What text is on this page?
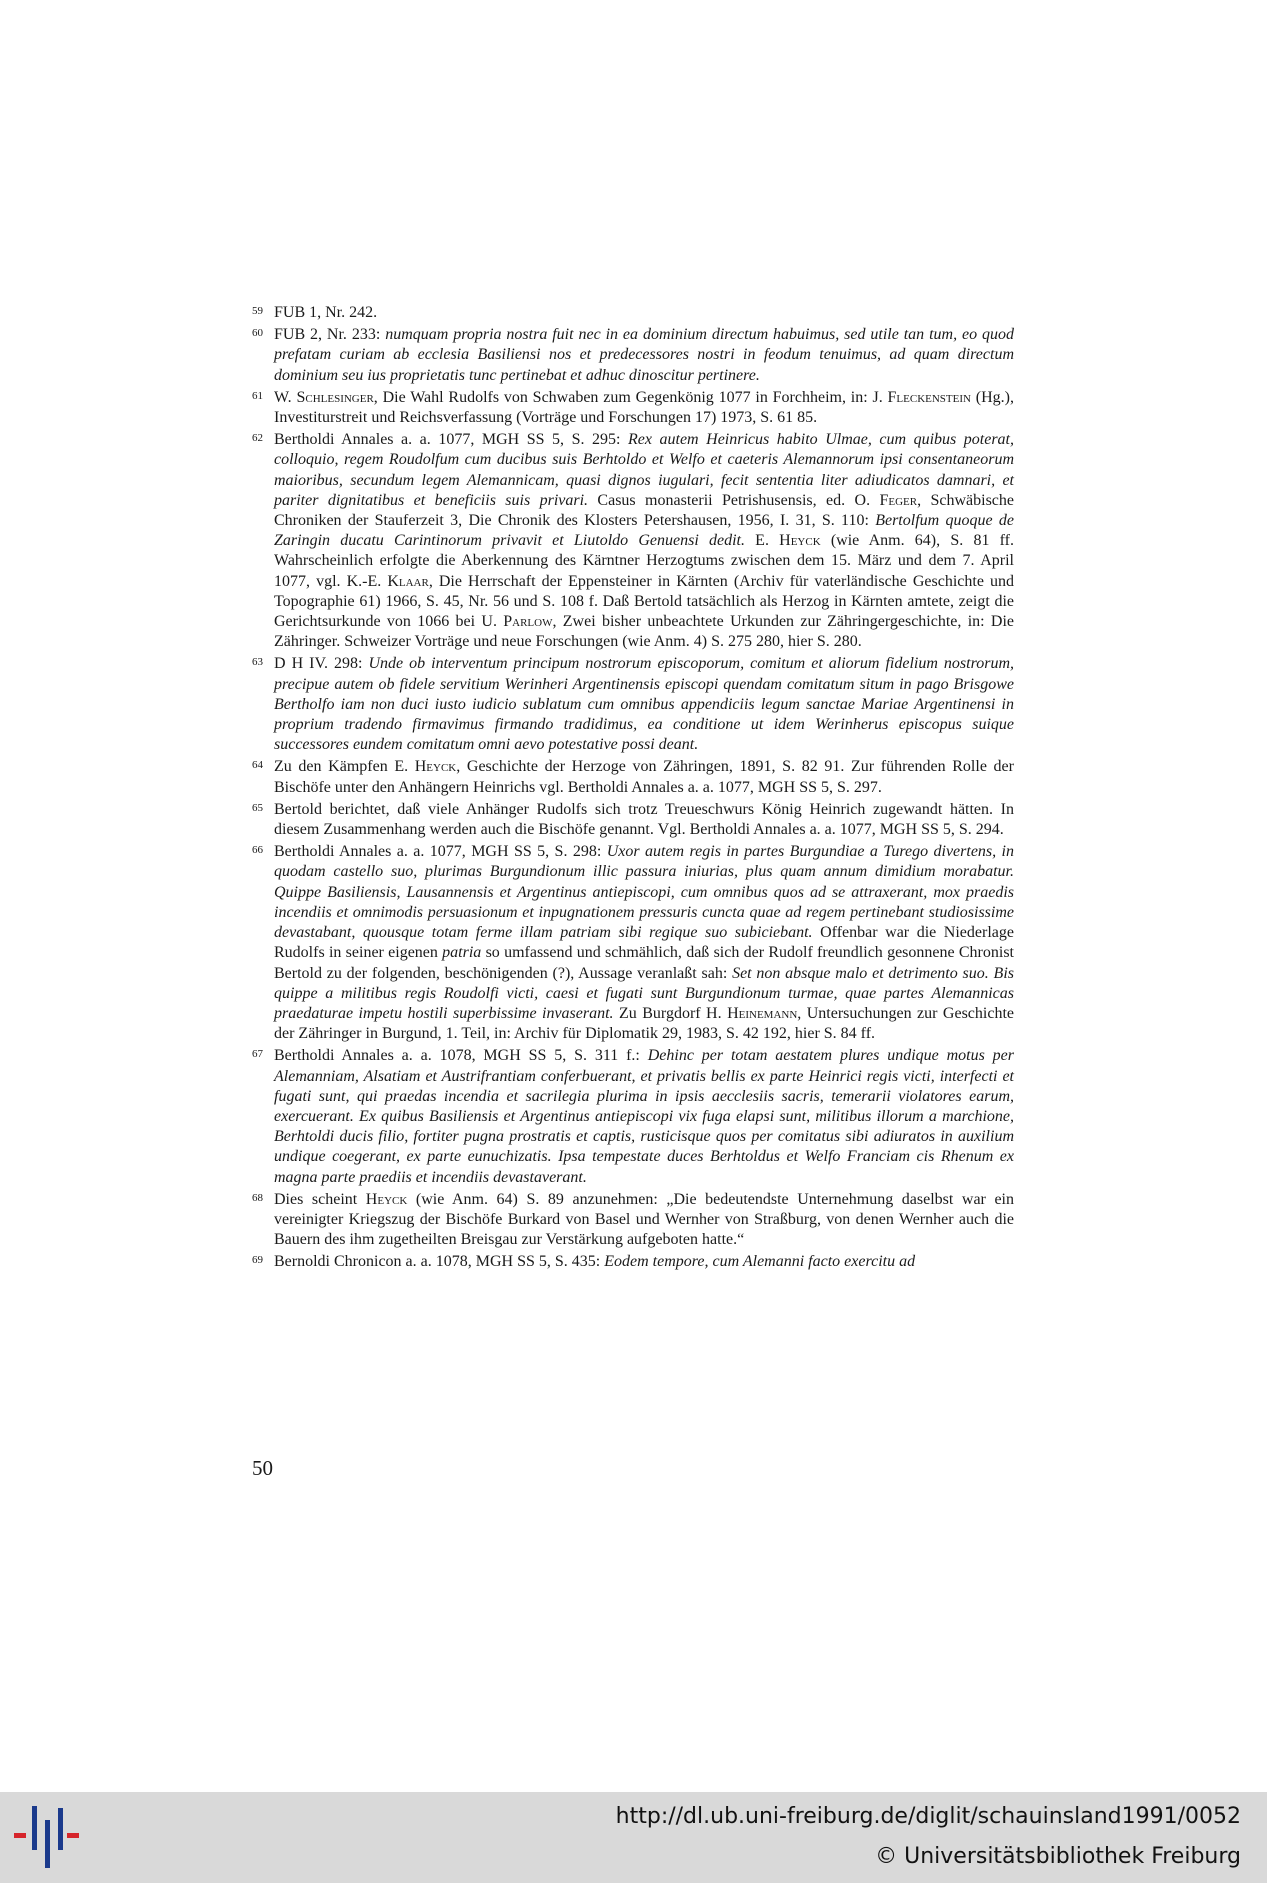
59 FUB 1, Nr. 242.
60 FUB 2, Nr. 233: numquam propria nostra fuit nec in ea dominium directum habuimus, sed utile tan tum, eo quod prefatam curiam ab ecclesia Basiliensi nos et predecessores nostri in feodum tenuimus, ad quam directum dominium seu ius proprietatis tunc pertinebat et adhuc dinoscitur pertinere.
61 W. Schlesinger, Die Wahl Rudolfs von Schwaben zum Gegenkönig 1077 in Forchheim, in: J. Fleckenstein (Hg.), Investiturstreit und Reichsverfassung (Vorträge und Forschungen 17) 1973, S. 61 85.
62 Bertholdi Annales a. a. 1077, MGH SS 5, S. 295: Rex autem Heinricus habito Ulmae, cum quibus poterat, colloquio, regem Roudolfum cum ducibus suis Berhtoldo et Welfo et caeteris Alemannorum ipsi consentaneorum maioribus, secundum legem Alemannicam, quasi dignos iugulari, fecit sententia liter adiudicatos damnari, et pariter dignitatibus et beneficiis suis privari. Casus monasterii Petrishusensis, ed. O. Feger, Schwäbische Chroniken der Stauferzeit 3, Die Chronik des Klosters Petershausen, 1956, I. 31, S. 110: Bertolfum quoque de Zaringin ducatu Carintinorum privavit et Liutoldo Genuensi dedit. E. Heyck (wie Anm. 64), S. 81 ff. Wahrscheinlich erfolgte die Aberkennung des Kärntner Herzogtums zwischen dem 15. März und dem 7. April 1077, vgl. K.-E. Klaar, Die Herrschaft der Eppensteiner in Kärnten (Archiv für vaterländische Geschichte und Topographie 61) 1966, S. 45, Nr. 56 und S. 108 f. Daß Bertold tatsächlich als Herzog in Kärnten amtete, zeigt die Gerichtsurkunde von 1066 bei U. Parlow, Zwei bisher unbeachtete Urkunden zur Zähringergeschichte, in: Die Zähringer. Schweizer Vorträge und neue Forschungen (wie Anm. 4) S. 275 280, hier S. 280.
63 D H IV. 298: Unde ob interventum principum nostrorum episcoporum, comitum et aliorum fidelium nostrorum, precipue autem ob fidele servitium Werinheri Argentinensis episcopi quendam comitatum situm in pago Brisgowe Bertholfo iam non duci iusto iudicio sublatum cum omnibus appendiciis legum sanctae Mariae Argentinensi in proprium tradendo firmavimus firmando tradidimus, ea conditione ut idem Werinherus episcopus suique successores eundem comitatum omni aevo potestative possi deant.
64 Zu den Kämpfen E. Heyck, Geschichte der Herzoge von Zähringen, 1891, S. 82 91. Zur führenden Rolle der Bischöfe unter den Anhängern Heinrichs vgl. Bertholdi Annales a. a. 1077, MGH SS 5, S. 297.
65 Bertold berichtet, daß viele Anhänger Rudolfs sich trotz Treueschwurs König Heinrich zugewandt hätten. In diesem Zusammenhang werden auch die Bischöfe genannt. Vgl. Bertholdi Annales a. a. 1077, MGH SS 5, S. 294.
66 Bertholdi Annales a. a. 1077, MGH SS 5, S. 298: Uxor autem regis in partes Burgundiae a Turego divertens, in quodam castello suo, plurimas Burgundionum illic passura iniurias, plus quam annum dimidium morabatur. Quippe Basiliensis, Lausannensis et Argentinus antiepiscopi, cum omnibus quos ad se attraxerant, mox praedis incendiis et omnimodis persuasionum et inpugnationem pressuris cuncta quae ad regem pertinebant studiosissime devastabant, quousque totam ferme illam patriam sibi regique suo subiciebant. Offenbar war die Niederlage Rudolfs in seiner eigenen patria so umfassend und schmählich, daß sich der Rudolf freundlich gesonnene Chronist Bertold zu der folgenden, beschönigenden (?), Aussage veranlaßt sah: Set non absque malo et detrimento suo. Bis quippe a militibus regis Roudolfi victi, caesi et fugati sunt Burgundionum turmae, quae partes Alemannicas praedaturae impetu hostili superbissime invaserant. Zu Burgdorf H. Heinemann, Untersuchungen zur Geschichte der Zähringer in Burgund, 1. Teil, in: Archiv für Diplomatik 29, 1983, S. 42 192, hier S. 84 ff.
67 Bertholdi Annales a. a. 1078, MGH SS 5, S. 311 f.: Dehinc per totam aestatem plures undique motus per Alemanniam, Alsatiam et Austrifrantiam conferbuerant, et privatis bellis ex parte Heinrici regis victi, interfecti et fugati sunt, qui praedas incendia et sacrilegia plurima in ipsis aecclesiis sacris, temerarii violatores earum, exercuerant. Ex quibus Basiliensis et Argentinus antiepiscopi vix fuga elapsi sunt, militibus illorum a marchione, Berhtoldi ducis filio, fortiter pugna prostratis et captis, rusticisque quos per comitatus sibi adiuratos in auxilium undique coegerant, ex parte eunuchizatis. Ipsa tempestate duces Berhtoldus et Welfo Franciam cis Rhenum ex magna parte praediis et incendiis devastaverant.
68 Dies scheint Heyck (wie Anm. 64) S. 89 anzunehmen: „Die bedeutendste Unternehmung daselbst war ein vereinigter Kriegszug der Bischöfe Burkard von Basel und Wernher von Straßburg, von denen Wernher auch die Bauern des ihm zugetheilten Breisgau zur Verstärkung aufgeboten hatte.“
69 Bernoldi Chronicon a. a. 1078, MGH SS 5, S. 435: Eodem tempore, cum Alemanni facto exercitu ad
50
http://dl.ub.uni-freiburg.de/diglit/schauinsland1991/0052
© Universitätsbibliothek Freiburg
